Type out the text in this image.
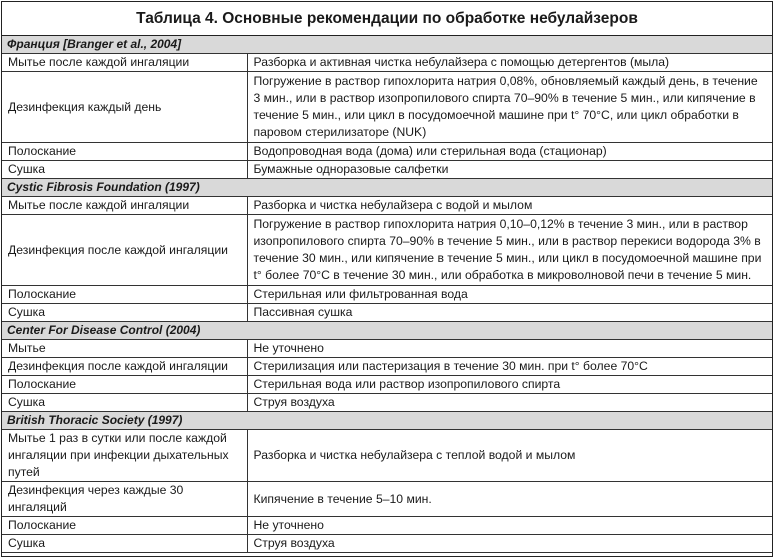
Таблица 4. Основные рекомендации по обработке небулайзеров
Франция [Branger et al., 2004]	
Мытье после каждой ингаляции	Разборка и активная чистка небулайзера с помощью детергентов (мыла)
Дезинфекция каждый день	Погружение в раствор гипохлорита натрия 0,08%, обновляемый каждый день, в течение 3 мин., или в раствор изопропилового спирта 70–90% в течение 5 мин., или кипячение в течение 5 мин., или цикл в посудомоечной машине при t° 70°C, или цикл обработки в паровом стерилизаторе (NUK)
Полоскание	Водопроводная вода (дома) или стерильная вода (стационар)
Сушка	Бумажные одноразовые салфетки
Cystic Fibrosis Foundation (1997)	
Мытье после каждой ингаляции	Разборка и чистка небулайзера с водой и мылом
Дезинфекция после каждой ингаляции	Погружение в раствор гипохлорита натрия 0,10–0,12% в течение 3 мин., или в раствор изопропилового спирта 70–90% в течение 5 мин., или в раствор перекиси водорода 3% в течение 30 мин., или кипячение в течение 5 мин., или цикл в посудомоечной машине при t° более 70°C в течение 30 мин., или обработка в микроволновой печи в течение 5 мин.
Полоскание	Стерильная или фильтрованная вода
Сушка	Пассивная сушка
Center For Disease Control (2004)	
Мытье	Не уточнено
Дезинфекция после каждой ингаляции	Стерилизация или пастеризация в течение 30 мин. при t° более 70°C
Полоскание	Стерильная вода или раствор изопропилового спирта
Сушка	Струя воздуха
British Thoracic Society (1997)	
Мытье 1 раз в сутки или после каждой ингаляции при инфекции дыхательных путей	Разборка и чистка небулайзера с теплой водой и мылом
Дезинфекция через каждые 30 ингаляций	Кипячение в течение 5–10 мин.
Полоскание	Не уточнено
Сушка	Струя воздуха
